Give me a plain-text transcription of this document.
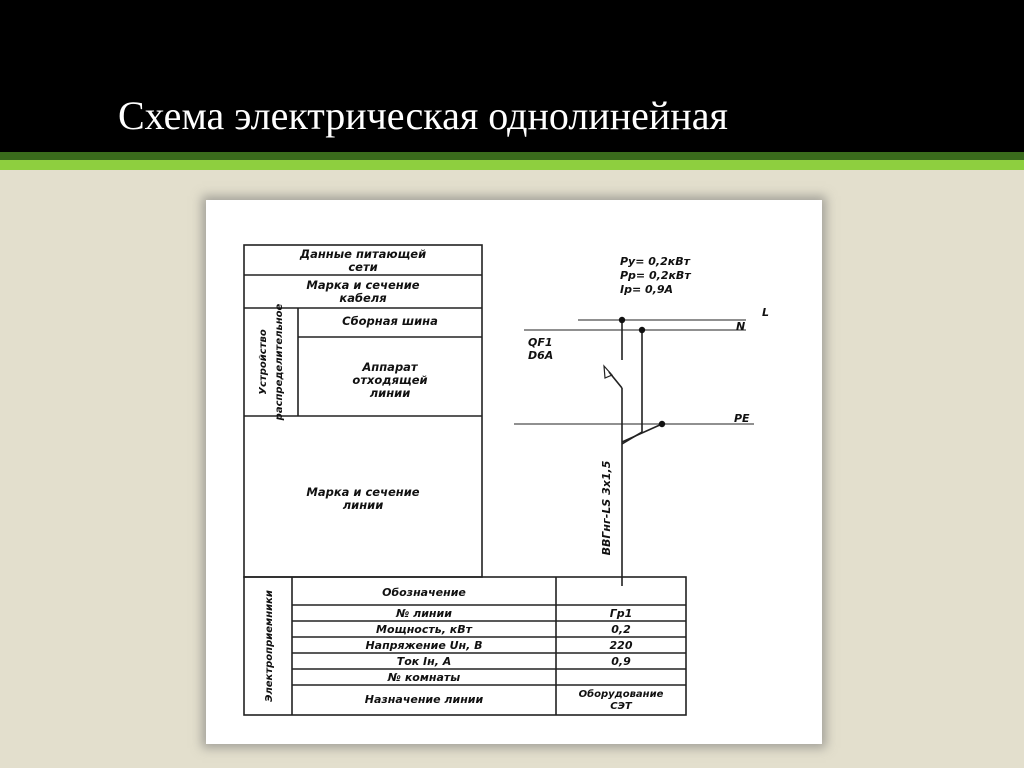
Схема электрическая однолинейная
Данные питающей
сети
Марка и сечение
кабеля
Сборная шина
Аппарат
отходящей
линии
Марка и сечение
линии
Устройство распределительное
Электроприемники	Обозначение
№ линии
Мощность, кВт
Напряжение Uн, В
Ток Iн, А
№ комнаты
Назначение линии
Гр1
0,2
220
0,9
Оборудование
СЭТ
Py= 0,2кВт
Pp= 0,2кВт
Ip= 0,9А
QF1
D6A
L
N
PE
ВВГнг-LS 3х1,5
